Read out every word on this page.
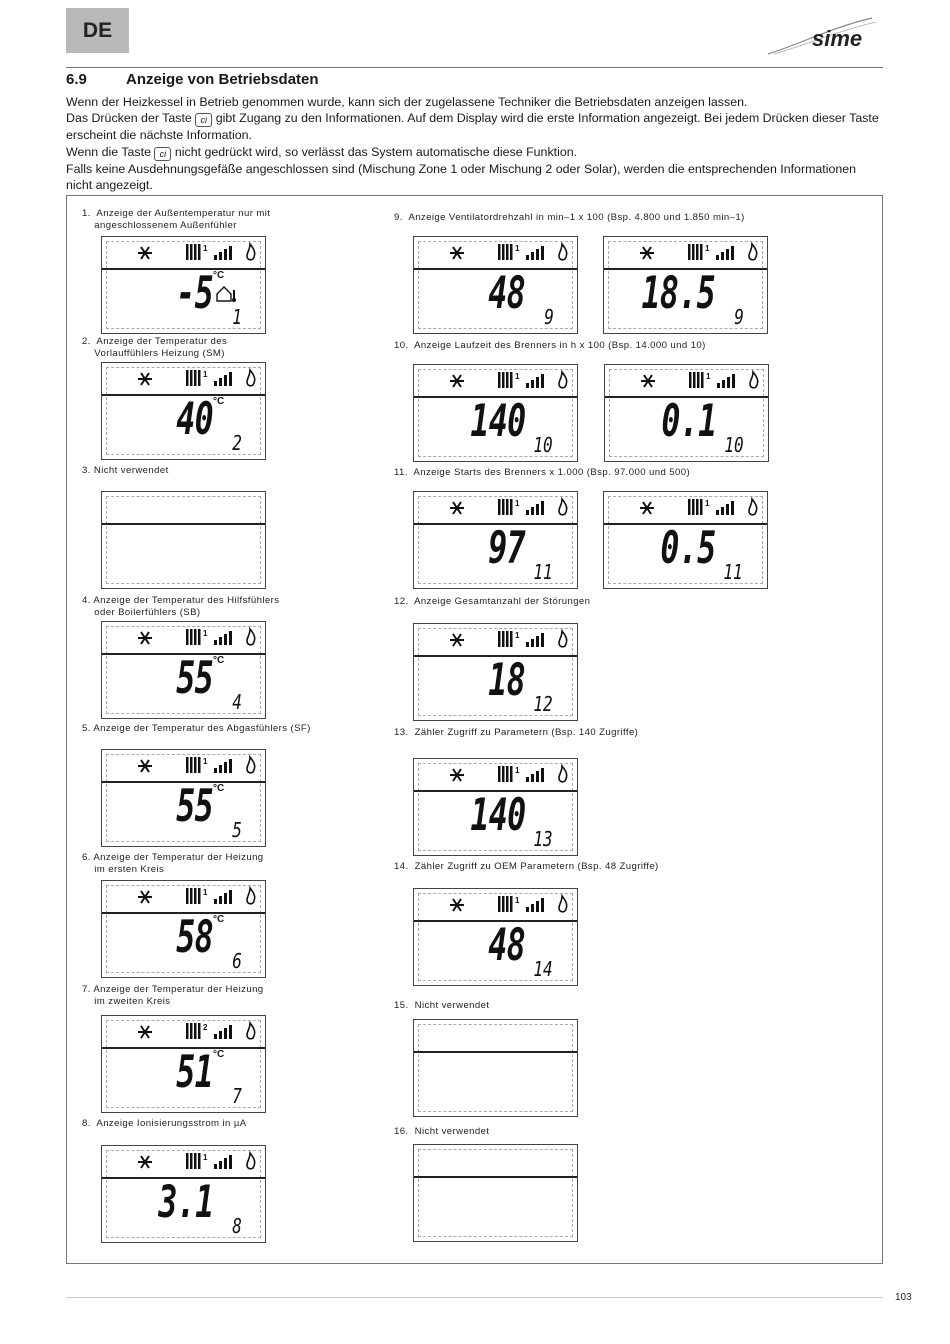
DE	sime
6.9	Anzeige von Betriebsdaten

Wenn der Heizkessel in Betrieb genommen wurde, kann sich der zugelassene Techniker die Betriebsdaten anzeigen lassen.

Das Drücken der Taste ci gibt Zugang zu den Informationen. Auf dem Display wird die erste Information angezeigt. Bei jedem Drücken dieser Taste erscheint die nächste Information.

Wenn die Taste ci nicht gedrückt wird, so verlässt das System automatische diese Funktion.

Falls keine Ausdehnungsgefäße angeschlossen sind (Mischung Zone 1 oder Mischung 2 oder Solar), werden die entsprechenden Informationen nicht angezeigt.

1.  Anzeige der Außentemperatur nur mit
angeschlossenem Außenfühler
2.  Anzeige der Temperatur des
Vorlauffühlers Heizung (SM)
3. Nicht verwendet
4. Anzeige der Temperatur des Hilfsfühlers
oder Boilerfühlers (SB)
5. Anzeige der Temperatur des Abgasfühlers (SF)
6. Anzeige der Temperatur der Heizung
im ersten Kreis
7. Anzeige der Temperatur der Heizung
im zweiten Kreis
8.  Anzeige Ionisierungsstrom in µA
9.  Anzeige Ventilatordrehzahl in min–1 x 100 (Bsp. 4.800 und 1.850 min–1)
10.  Anzeige Laufzeit des Brenners in h x 100 (Bsp. 14.000 und 10)
11.  Anzeige Starts des Brenners x 1.000 (Bsp. 97.000 und 500)
12.  Anzeige Gesamtanzahl der Störungen
13.  Zähler Zugriff zu Parametern (Bsp. 140 Zugriffe)
14.  Zähler Zugriff zu OEM Parametern (Bsp. 48 Zugriffe)
15.  Nicht verwendet
16.  Nicht verwendet
1
-5 °C
1
1
40 °C
2
1
55 °C
4
1
55 °C
5
1
58 °C
6
2
51 °C
7
1
3.1 8
1
48 9
1
18.5 9
1
140 10
1
0.1 10
1
97 11
1
0.5 11
1
18 12
1
140 13
1
48 14
103
